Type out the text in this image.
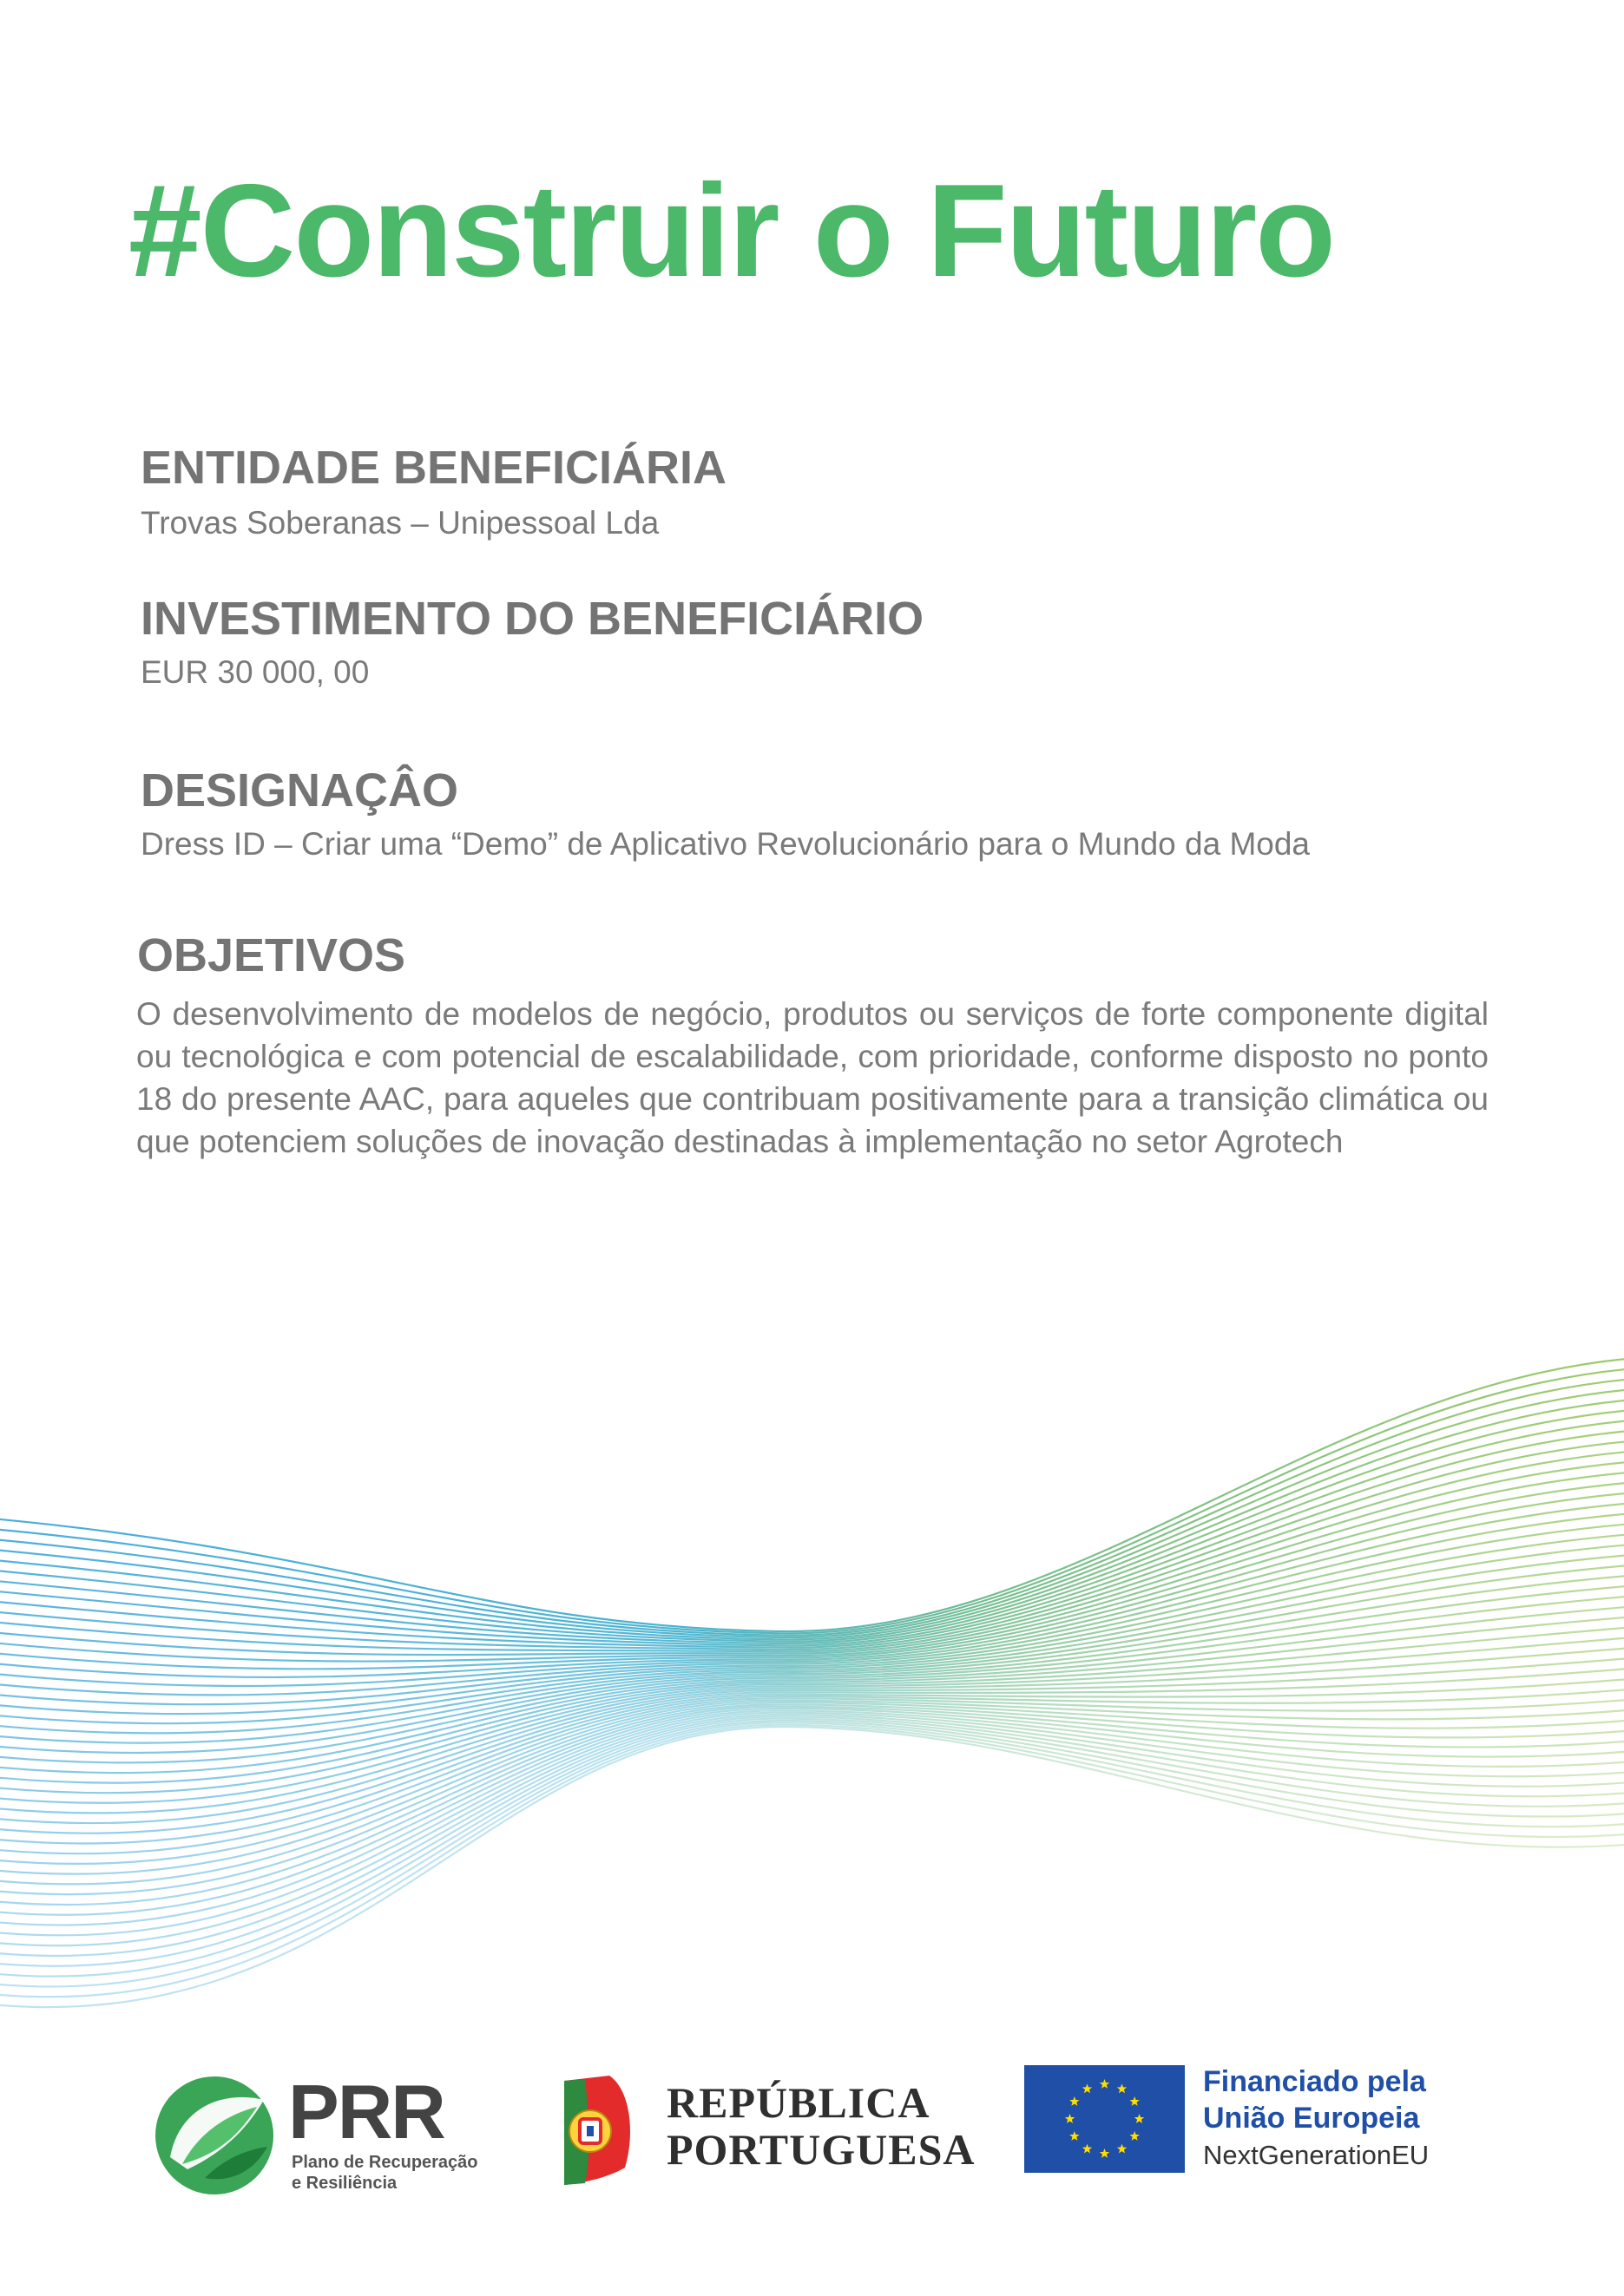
#Construir o Futuro
ENTIDADE BENEFICIÁRIA

Trovas Soberanas – Unipessoal Lda

INVESTIMENTO DO BENEFICIÁRIO

EUR 30 000, 00

DESIGNAÇÂO

Dress ID – Criar uma “Demo” de Aplicativo Revolucionário para o Mundo da Moda

OBJETIVOS

O desenvolvimento de modelos de negócio, produtos ou serviços de forte componente digital ou tecnológica e com potencial de escalabilidade, com prioridade, conforme disposto no ponto 18 do presente AAC, para aqueles que contribuam positivamente para a transição climática ou que potenciem soluções de inovação destinadas à implementação no setor Agrotech

PRR
Plano de Recuperação
e Resiliência
REPÚBLICA
PORTUGUESA
Financiado pela
União Europeia
NextGenerationEU
